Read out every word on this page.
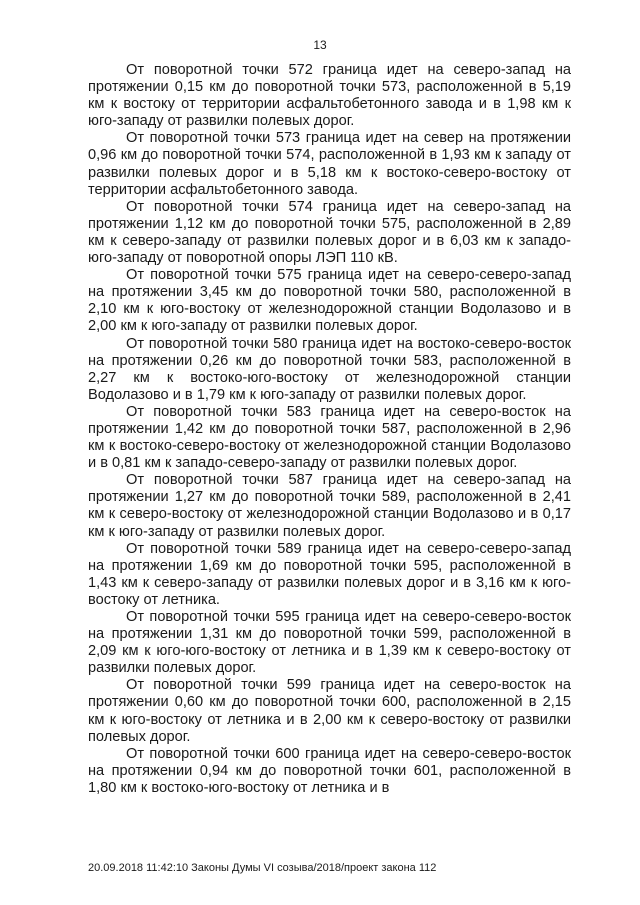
13

От поворотной точки 572 граница идет на северо-запад на протяжении 0,15 км до поворотной точки 573, расположенной в 5,19 км к востоку от территории асфальтобетонного завода и в 1,98 км к юго-западу от развилки полевых дорог.

От поворотной точки 573 граница идет на север на протяжении 0,96 км до поворотной точки 574, расположенной в 1,93 км к западу от развилки полевых дорог и в 5,18 км к востоко-северо-востоку от территории асфальтобетонного завода.

От поворотной точки 574 граница идет на северо-запад на протяжении 1,12 км до поворотной точки 575, расположенной в 2,89 км к северо-западу от развилки полевых дорог и в 6,03 км к западо-юго-западу от поворотной опоры ЛЭП 110 кВ.

От поворотной точки 575 граница идет на северо-северо-запад на протяжении 3,45 км до поворотной точки 580, расположенной в 2,10 км к юго-востоку от железнодорожной станции Водолазово и в 2,00 км к юго-западу от развилки полевых дорог.

От поворотной точки 580 граница идет на востоко-северо-восток на протяжении 0,26 км до поворотной точки 583, расположенной в 2,27 км к востоко-юго-востоку от железнодорожной станции Водолазово и в 1,79 км к юго-западу от развилки полевых дорог.

От поворотной точки 583 граница идет на северо-восток на протяжении 1,42 км до поворотной точки 587, расположенной в 2,96 км к востоко-северо-востоку от железнодорожной станции Водолазово и в 0,81 км к западо-северо-западу от развилки полевых дорог.

От поворотной точки 587 граница идет на северо-запад на протяжении 1,27 км до поворотной точки 589, расположенной в 2,41 км к северо-востоку от железнодорожной станции Водолазово и в 0,17 км к юго-западу от развилки полевых дорог.

От поворотной точки 589 граница идет на северо-северо-запад на протяжении 1,69 км до поворотной точки 595, расположенной в 1,43 км к северо-западу от развилки полевых дорог и в 3,16 км к юго-востоку от летника.

От поворотной точки 595 граница идет на северо-северо-восток на протяжении 1,31 км до поворотной точки 599, расположенной в 2,09 км к юго-юго-востоку от летника и в 1,39 км к северо-востоку от развилки полевых дорог.

От поворотной точки 599 граница идет на северо-восток на протяжении 0,60 км до поворотной точки 600, расположенной в 2,15 км к юго-востоку от летника и в 2,00 км к северо-востоку от развилки полевых дорог.

От поворотной точки 600 граница идет на северо-северо-восток на протяжении 0,94 км до поворотной точки 601, расположенной в 1,80 км к востоко-юго-востоку от летника и в

20.09.2018 11:42:10 Законы Думы VI созыва/2018/проект закона 112
